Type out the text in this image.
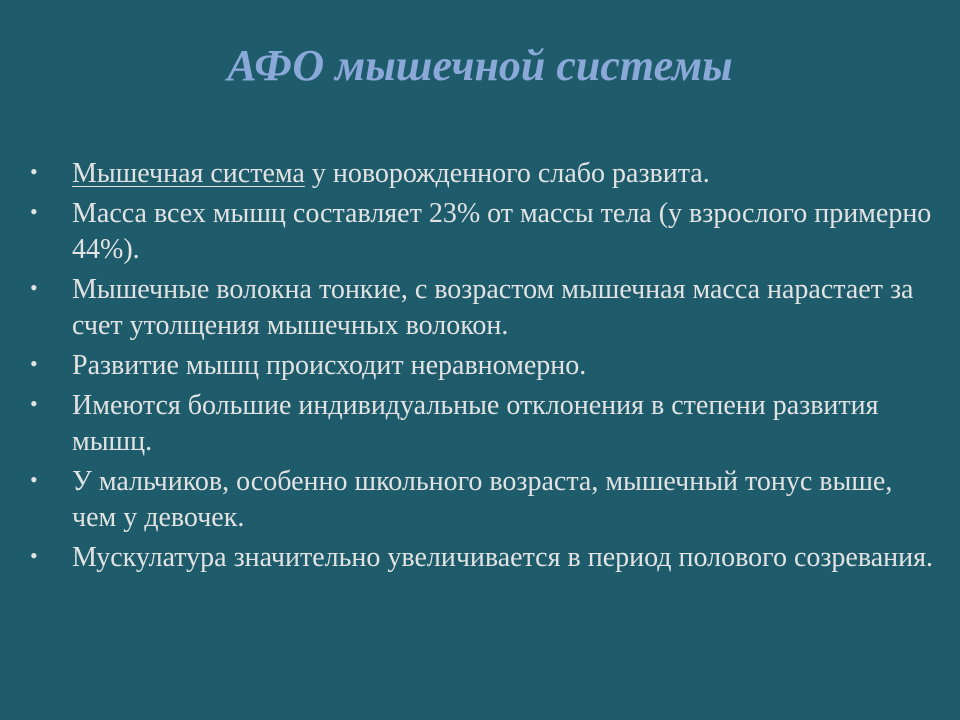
АФО мышечной системы
•	Мышечная система у новорожденного слабо развита.
•	Масса всех мышц составляет 23% от массы тела (у взрослого примерно 44%).
•	Мышечные волокна тонкие, с возрастом мышечная масса нарастает за счет утолщения мышечных волокон.
•	Развитие мышц происходит неравномерно.
•	Имеются большие индивидуальные отклонения в степени развития мышц.
•	У мальчиков, особенно школьного возраста, мышечный тонус выше, чем у девочек.
•	Мускулатура значительно увеличивается в период полового созревания.
